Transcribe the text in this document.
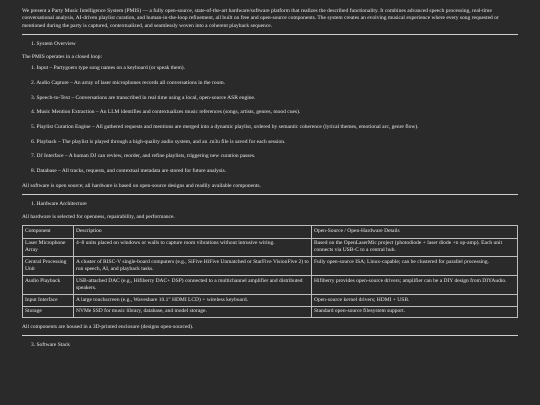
We present a Party Music Intelligence System (PMIS) — a fully open-source, state-of-the-art hardware/software platform that realizes the described functionality. It combines advanced speech processing, real-time conversational analysis, AI-driven playlist curation, and human-in-the-loop refinement, all built on free and open-source components. The system creates an evolving musical experience where every song requested or mentioned during the party is captured, contextualized, and seamlessly woven into a coherent playback sequence.

1. System Overview

The PMIS operates in a closed loop:

1. Input – Partygoers type song names on a keyboard (or speak them).
2. Audio Capture – An array of laser microphones records all conversations in the room.
3. Speech-to-Text – Conversations are transcribed in real time using a local, open-source ASR engine.
4. Music Mention Extraction – An LLM identifies and contextualizes music references (songs, artists, genres, mood cues).
5. Playlist Curation Engine – All gathered requests and mentions are merged into a dynamic playlist, ordered by semantic coherence (lyrical themes, emotional arc, genre flow).
6. Playback – The playlist is played through a high-quality audio system, and an .m3u file is saved for each session.
7. DJ Interface – A human DJ can review, reorder, and refine playlists, triggering new curation passes.
8. Database – All tracks, requests, and contextual metadata are stored for future analysis.

All software is open source; all hardware is based on open-source designs and readily available components.

1. Hardware Architecture

All hardware is selected for openness, repairability, and performance.

Component	Description	Open-Source / Open-Hardware Details
Laser Microphone Array	4–8 units placed on windows or walls to capture room vibrations without intrusive wiring.	Based on the OpenLaserMic project (photodiode + laser diode +n op-amp). Each unit connects via USB-C to a central hub.
Central Processing Unit	A cluster of RISC-V single-board computers (e.g., SiFive HiFive Unmatched or StarFive VisionFive 2) to run speech, AI, and playback tasks.	Fully open-source ISA; Linux-capable; can be clustered for parallel processing.
Audio Playback	USB-attached DAC (e.g., Hifiberry DAC+ DSP) connected to a multichannel amplifier and distributed speakers.	Hifiberry provides open-source drivers; amplifier can be a DIY design from DIYAudio.
Input Interface	A large touchscreen (e.g., Waveshare 10.1" HDMI LCD) + wireless keyboard.	Open-source kernel drivers; HDMI + USB.
Storage	NVMe SSD for music library, database, and model storage.	Standard open-source filesystem support.

All components are housed in a 3D-printed enclosure (designs open-sourced).

3. Software Stack
